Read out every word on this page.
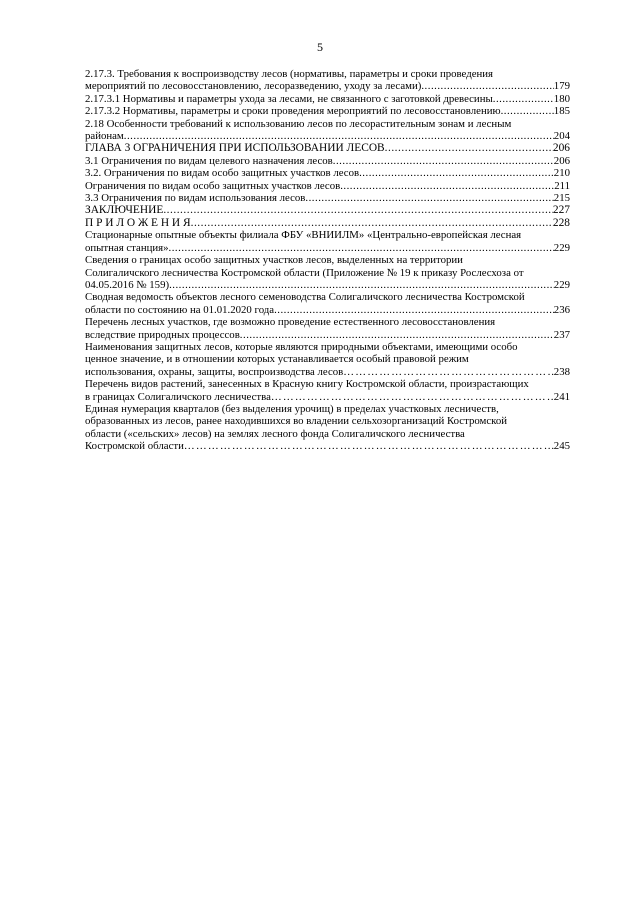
5
2.17.3. Требования к воспроизводству лесов (нормативы, параметры и сроки проведения
мероприятий по лесовосстановлению, лесоразведению, уходу за лесами) .....	179
2.17.3.1 Нормативы и параметры ухода за лесами, не связанного с заготовкой древесины .....	180
2.17.3.2 Нормативы, параметры и сроки проведения мероприятий по лесовосстановлению .....	185
2.18 Особенности требований к использованию лесов по лесорастительным зонам и лесным
районам .....	204
ГЛАВА 3 ОГРАНИЧЕНИЯ ПРИ ИСПОЛЬЗОВАНИИ ЛЕСОВ .....	206
3.1 Ограничения по видам целевого назначения лесов .....	206
3.2. Ограничения по видам особо защитных участков лесов .....	210
Ограничения по видам особо защитных участков лесов .....	211
3.3 Ограничения по видам использования лесов .....	215
ЗАКЛЮЧЕНИЕ .....	227
П Р И Л О Ж Е Н И Я .....	228
Стационарные опытные объекты филиала ФБУ «ВНИИЛМ» «Центрально-европейская лесная
опытная станция» .....	229
Сведения о границах особо защитных участков лесов, выделенных на территории
Солигаличского лесничества Костромской области (Приложение № 19 к приказу Рослесхоза от
04.05.2016 № 159) .....	229
Сводная ведомость объектов лесного семеноводства Солигаличского лесничества Костромской
области по состоянию на 01.01.2020 года .....	236
Перечень лесных участков, где возможно проведение естественного лесовосстановления
вследствие природных процессов .....	237
Наименования защитных лесов, которые являются природными объектами, имеющими особо
ценное значение, и в отношении которых устанавливается особый правовой режим
использования, охраны, защиты, воспроизводства лесов ……………………………………………………………………………………………………………………………………	238
Перечень видов растений, занесенных в Красную книгу Костромской области, произрастающих
в границах Солигаличского лесничества ……………………………………………………………………………………………………………………………………	241
Единая нумерация кварталов (без выделения урочищ) в пределах участковых лесничеств,
образованных из лесов, ранее находившихся во владении сельхозорганизаций Костромской
области («сельских» лесов) на землях лесного фонда Солигаличского лесничества
Костромской области ……………………………………………………………………………………………………………………………………	245
